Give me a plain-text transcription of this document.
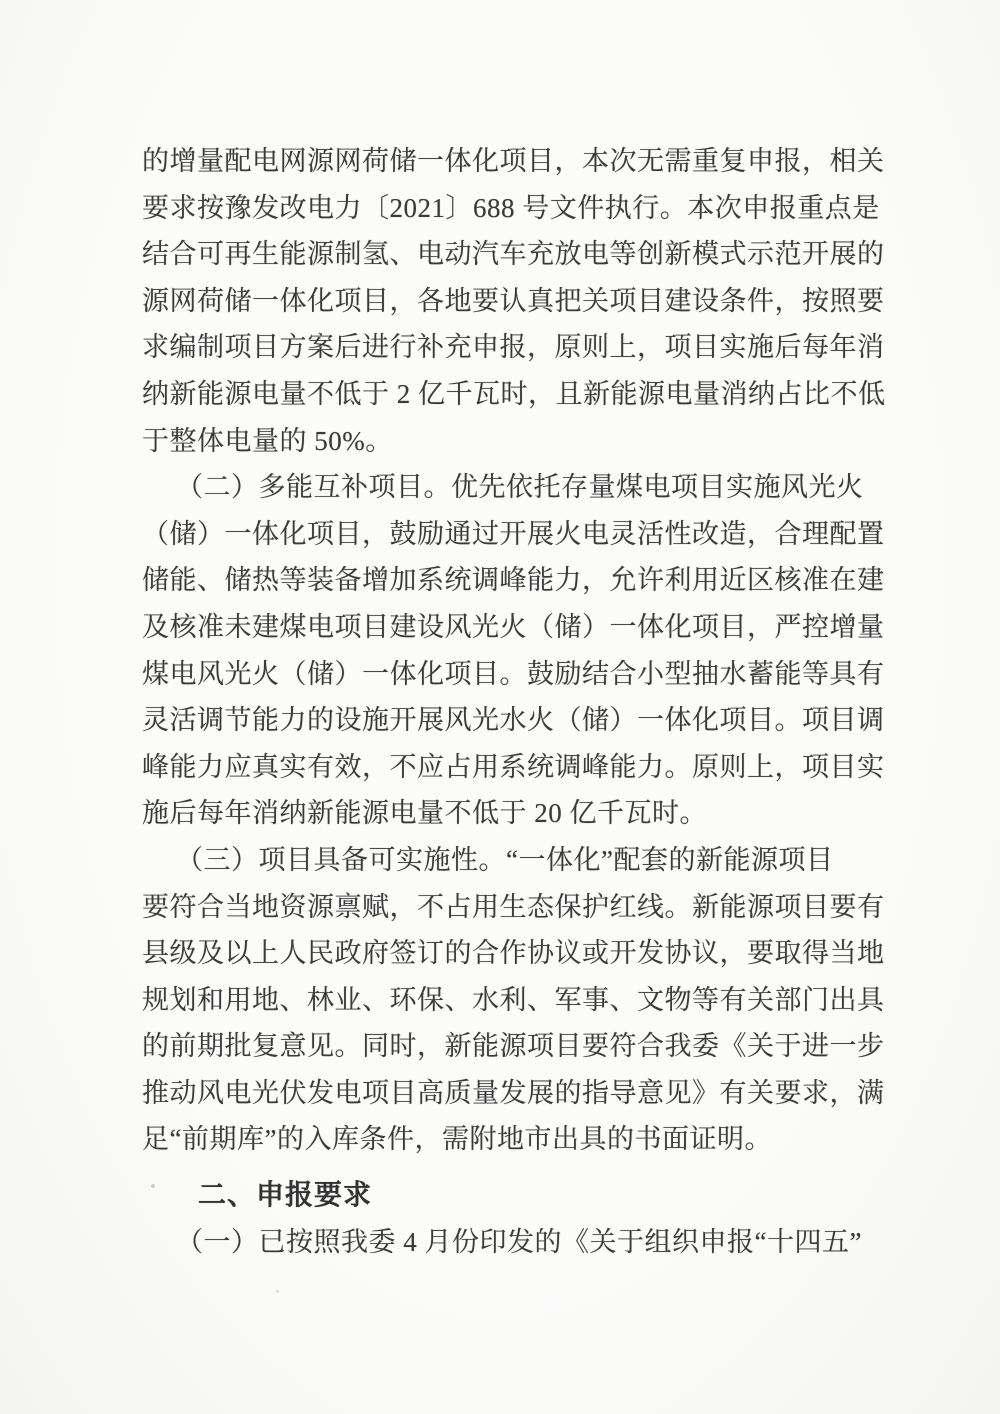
的增量配电网源网荷储一体化项目，本次无需重复申报，相关
要求按豫发改电力〔2021〕688 号文件执行。本次申报重点是
结合可再生能源制氢、电动汽车充放电等创新模式示范开展的
源网荷储一体化项目，各地要认真把关项目建设条件，按照要
求编制项目方案后进行补充申报，原则上，项目实施后每年消
纳新能源电量不低于 2 亿千瓦时，且新能源电量消纳占比不低
于整体电量的 50%。
（二）多能互补项目。优先依托存量煤电项目实施风光火
（储）一体化项目，鼓励通过开展火电灵活性改造，合理配置
储能、储热等装备增加系统调峰能力，允许利用近区核准在建
及核准未建煤电项目建设风光火（储）一体化项目，严控增量
煤电风光火（储）一体化项目。鼓励结合小型抽水蓄能等具有
灵活调节能力的设施开展风光水火（储）一体化项目。项目调
峰能力应真实有效，不应占用系统调峰能力。原则上，项目实
施后每年消纳新能源电量不低于 20 亿千瓦时。
（三）项目具备可实施性。“一体化”配套的新能源项目
要符合当地资源禀赋，不占用生态保护红线。新能源项目要有
县级及以上人民政府签订的合作协议或开发协议，要取得当地
规划和用地、林业、环保、水利、军事、文物等有关部门出具
的前期批复意见。同时，新能源项目要符合我委《关于进一步
推动风电光伏发电项目高质量发展的指导意见》有关要求，满
足“前期库”的入库条件，需附地市出具的书面证明。
二、申报要求
（一）已按照我委 4 月份印发的《关于组织申报“十四五”
